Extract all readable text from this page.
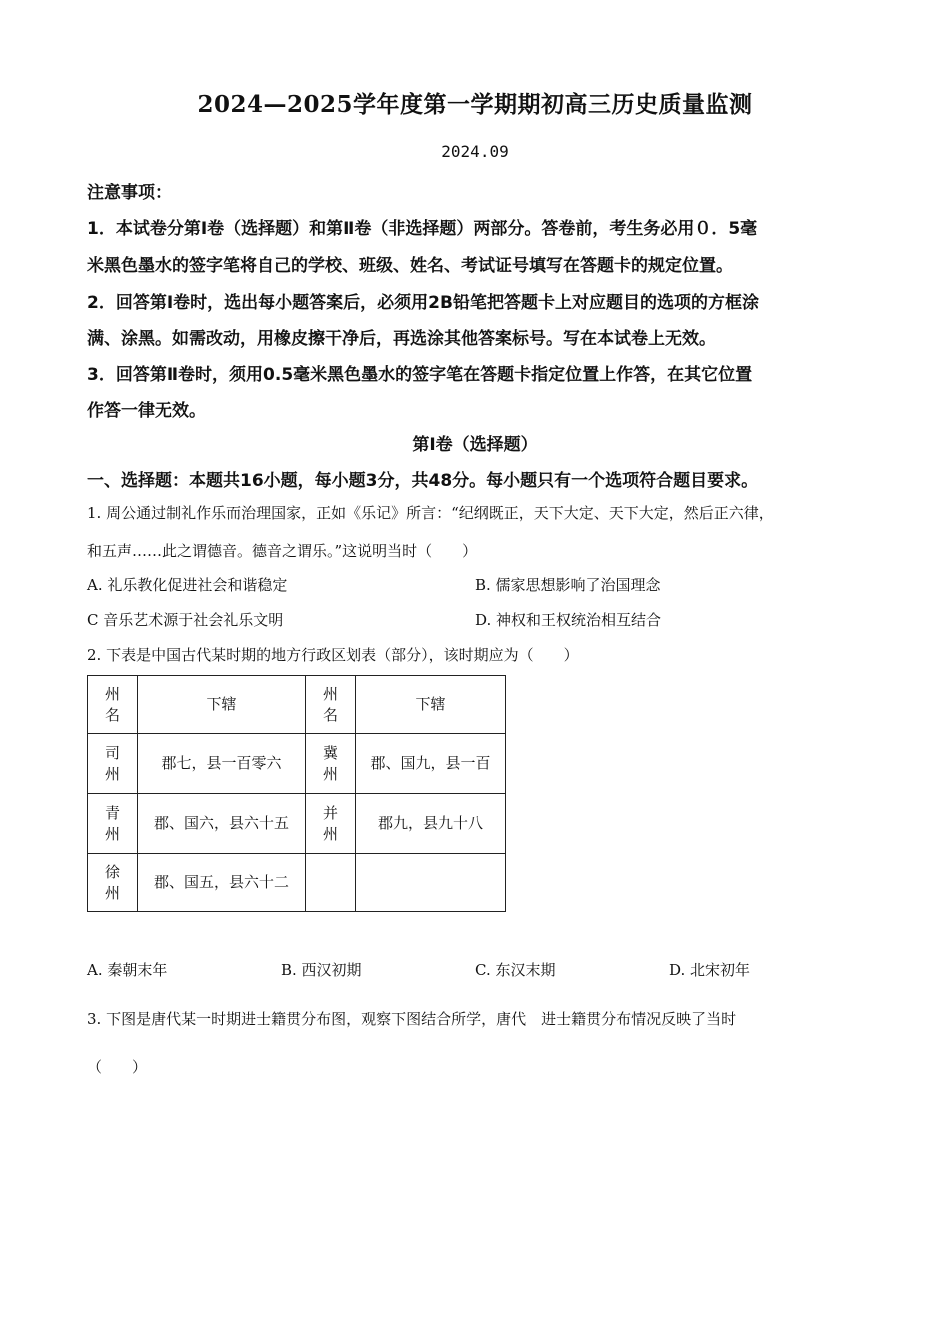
2024—2025学年度第一学期期初高三历史质量监测
2024.09
注意事项：
1．本试卷分第Ⅰ卷（选择题）和第Ⅱ卷（非选择题）两部分。答卷前，考生务必用０．5毫
米黑色墨水的签字笔将自己的学校、班级、姓名、考试证号填写在答题卡的规定位置。
2．回答第Ⅰ卷时，选出每小题答案后，必须用2B铅笔把答题卡上对应题目的选项的方框涂
满、涂黑。如需改动，用橡皮擦干净后，再选涂其他答案标号。写在本试卷上无效。
3．回答第Ⅱ卷时，须用0.5毫米黑色墨水的签字笔在答题卡指定位置上作答，在其它位置
作答一律无效。
第Ⅰ卷（选择题）
一、选择题：本题共16小题，每小题3分，共48分。每小题只有一个选项符合题目要求。
1. 周公通过制礼作乐而治理国家，正如《乐记》所言：“纪纲既正，天下大定、天下大定，然后正六律，
和五声……此之谓德音。德音之谓乐。”这说明当时（　　）
A. 礼乐教化促进社会和谐稳定	B. 儒家思想影响了治国理念
C 音乐艺术源于社会礼乐文明	D. 神权和王权统治相互结合
2. 下表是中国古代某时期的地方行政区划表（部分），该时期应为（　　）
州名	下辖	州名	下辖
司州	郡七，县一百零六	冀州	郡、国九，县一百
青州	郡、国六，县六十五	并州	郡九，县九十八
徐州	郡、国五，县六十二		
A. 秦朝末年	B. 西汉初期	C. 东汉末期	D. 北宋初年
3. 下图是唐代某一时期进士籍贯分布图，观察下图结合所学，唐代　进士籍贯分布情况反映了当时
（　　）
